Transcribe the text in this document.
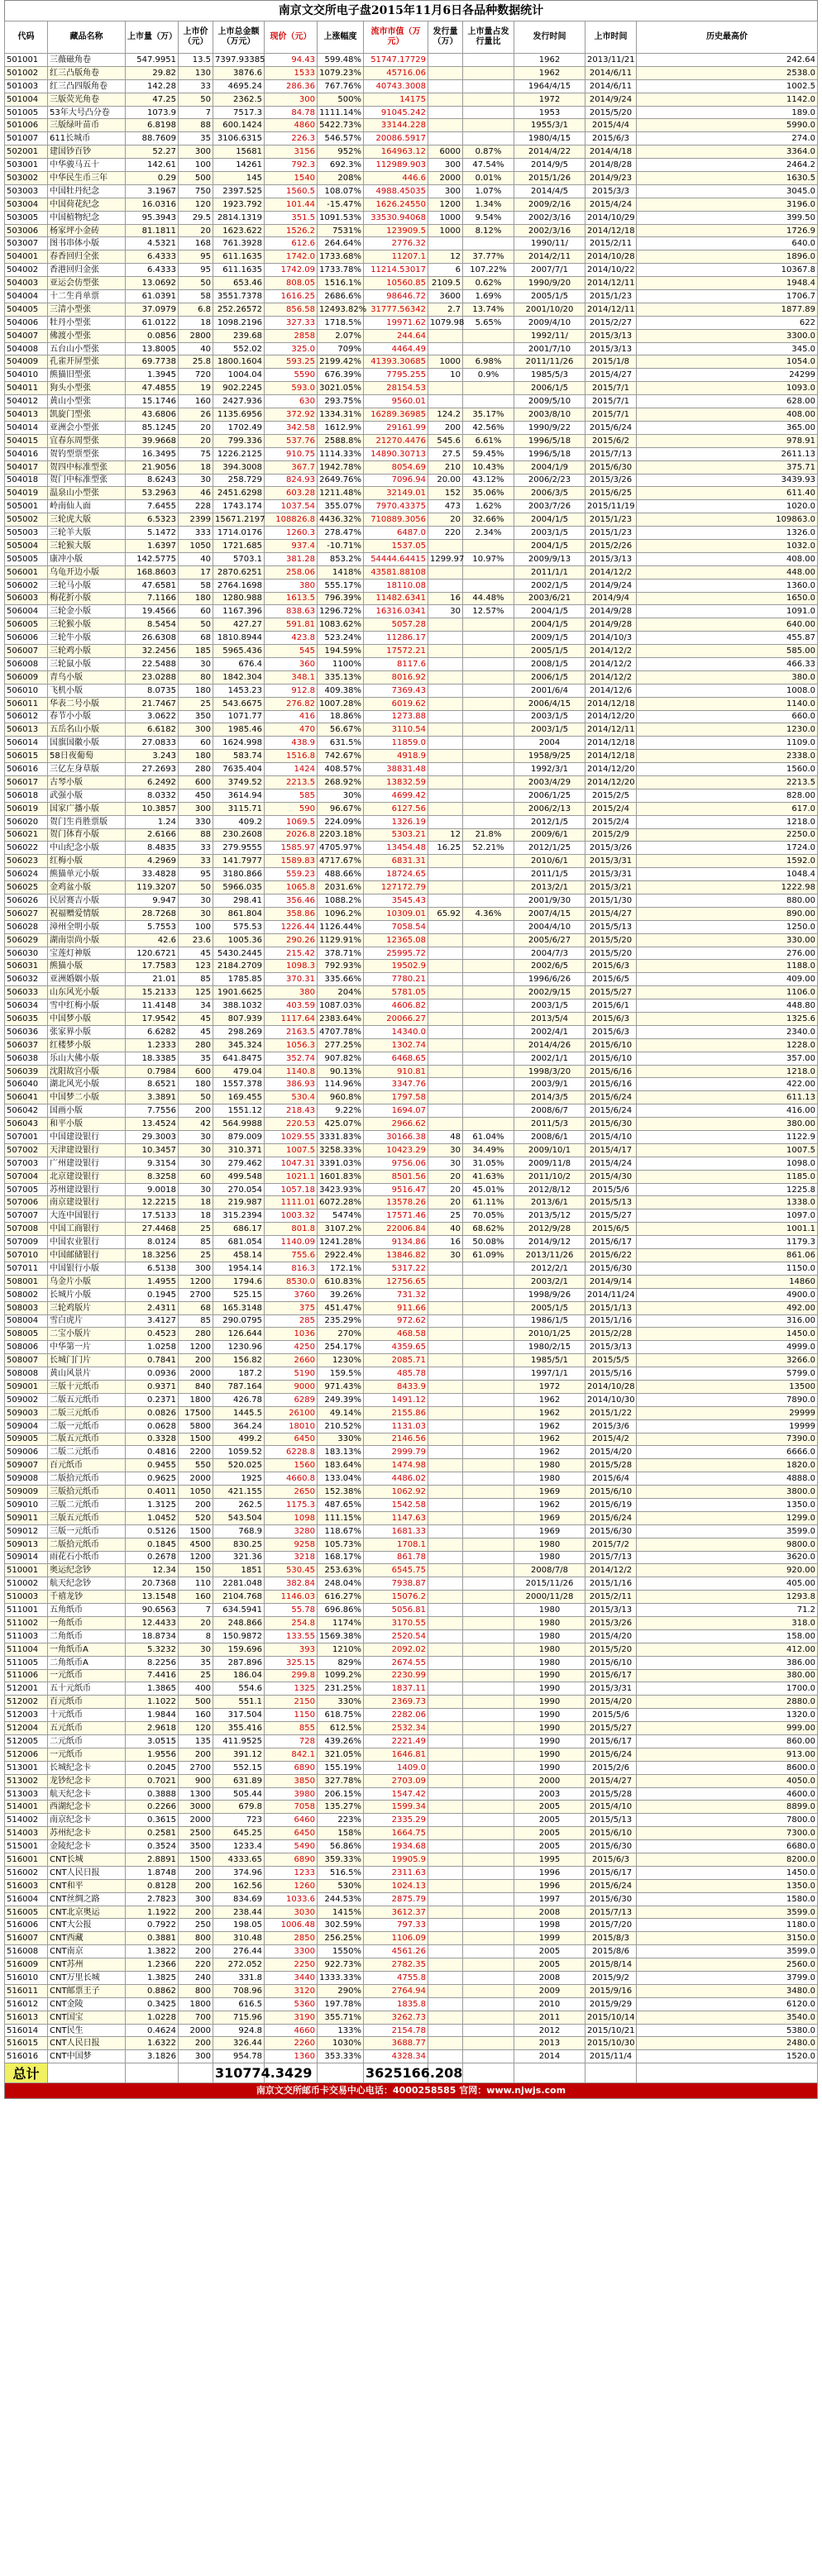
南京文交所电子盘2015年11月6日各品种数据统计
代码	藏品名称	上市量（万）	上市价（元）	上市总金额（万元）	现价（元）	上涨幅度	流市市值（万元）	发行量（万）	上市量占发行量比	发行时间	上市时间	历史最高价
501001	三薇磁角卷	547.9951	13.5	7397.93385	94.43	599.48%	51747.17729			1962	2013/11/21	242.64
501002	红三凸版角卷	29.82	130	3876.6	1533	1079.23%	45716.06			1962	2014/6/11	2538.0
501003	红三凸四版角卷	142.28	33	4695.24	286.36	767.76%	40743.3008			1964/4/15	2014/6/11	1002.5
501004	三版荧光角卷	47.25	50	2362.5	300	500%	14175			1972	2014/9/24	1142.0
501005	53年大号凸分卷	1073.9	7	7517.3	84.78	1111.14%	91045.242			1953	2015/5/20	189.0
501006	三版绿叶苗币	6.8198	88	600.1424	4860	5422.73%	33144.228			1955/3/1	2015/4/4	5990.0
501007	611长城币	88.7609	35	3106.6315	226.3	546.57%	20086.5917			1980/4/15	2015/6/3	274.0
502001	建国钞百钞	52.27	300	15681	3156	952%	164963.12	6000	0.87%	2014/4/22	2014/4/18	3364.0
503001	中华骏马五十	142.61	100	14261	792.3	692.3%	112989.903	300	47.54%	2014/9/5	2014/8/28	2464.2
503002	中华民生币三年	0.29	500	145	1540	208%	446.6	2000	0.01%	2015/1/26	2014/9/23	1630.5
503003	中国牡丹纪念	3.1967	750	2397.525	1560.5	108.07%	4988.45035	300	1.07%	2014/4/5	2015/3/3	3045.0
503004	中国荷花纪念	16.0316	120	1923.792	101.44	-15.47%	1626.24550	1200	1.34%	2009/2/16	2015/4/24	3196.0
503005	中国植物纪念	95.3943	29.5	2814.1319	351.5	1091.53%	33530.94068	1000	9.54%	2002/3/16	2014/10/29	399.50
503006	杨家坪小金砖	81.1811	20	1623.622	1526.2	7531%	123909.5	1000	8.12%	2002/3/16	2014/12/18	1726.9
503007	图书串体小版	4.5321	168	761.3928	612.6	264.64%	2776.32			1990/11/	2015/2/11	640.0
504001	春香回归全张	6.4333	95	611.1635	1742.0	1733.68%	11207.1	12	37.77%	2014/2/11	2014/10/28	1896.0
504002	香港回归金张	6.4333	95	611.1635	1742.09	1733.78%	11214.53017	6	107.22%	2007/7/1	2014/10/22	10367.8
504003	亚运会仿型张	13.0692	50	653.46	808.05	1516.1%	10560.85	2109.5	0.62%	1990/9/20	2014/12/11	1948.4
504004	十二生肖单票	61.0391	58	3551.7378	1616.25	2686.6%	98646.72	3600	1.69%	2005/1/5	2015/1/23	1706.7
504005	三清小型张	37.0979	6.8	252.26572	856.58	12493.82%	31777.56342	2.7	13.74%	2001/10/20	2014/12/11	1877.89
504006	牡丹小型张	61.0122	18	1098.2196	327.33	1718.5%	19971.62	1079.98	5.65%	2009/4/10	2015/2/27	622
504007	佛渡小型张	0.0856	2800	239.68	2858	2.07%	244.64			1992/11/	2015/3/13	3300.0
504008	五台山小型张	13.8005	40	552.02	325.0	709%	4464.49			2001/7/10	2015/3/13	345.0
504009	孔雀开屏型张	69.7738	25.8	1800.1604	593.25	2199.42%	41393.30685	1000	6.98%	2011/11/26	2015/1/8	1054.0
504010	熊猫旧型张	1.3945	720	1004.04	5590	676.39%	7795.255	10	0.9%	1985/5/3	2015/4/27	24299
504011	狗头小型张	47.4855	19	902.2245	593.0	3021.05%	28154.53			2006/1/5	2015/7/1	1093.0
504012	黄山小型张	15.1746	160	2427.936	630	293.75%	9560.01			2009/5/10	2015/7/1	628.00
504013	凯旋门型张	43.6806	26	1135.6956	372.92	1334.31%	16289.36985	124.2	35.17%	2003/8/10	2015/7/1	408.00
504014	亚洲会小型张	85.1245	20	1702.49	342.58	1612.9%	29161.99	200	42.56%	1990/9/22	2015/6/24	365.00
504015	宜春东周型张	39.9668	20	799.336	537.76	2588.8%	21270.4476	545.6	6.61%	1996/5/18	2015/6/2	978.91
504016	贺钓型票型张	16.3495	75	1226.2125	910.75	1114.33%	14890.30713	27.5	59.45%	1996/5/18	2015/7/13	2611.13
504017	贺四中标准型张	21.9056	18	394.3008	367.7	1942.78%	8054.69	210	10.43%	2004/1/9	2015/6/30	375.71
504018	贺门中标准型张	8.6243	30	258.729	824.93	2649.76%	7096.94	20.00	43.12%	2006/2/23	2015/3/26	3439.93
504019	温泉山小型张	53.2963	46	2451.6298	603.28	1211.48%	32149.01	152	35.06%	2006/3/5	2015/6/25	611.40
505001	岭南仙人面	7.6455	228	1743.174	1037.54	355.07%	7970.43375	473	1.62%	2003/7/26	2015/11/19	1020.0
505002	三轮虎大版	6.5323	2399	15671.2197	108826.8	4436.32%	710889.3056	20	32.66%	2004/1/5	2015/1/23	109863.0
505003	三轮羊大版	5.1472	333	1714.0176	1260.3	278.47%	6487.0	220	2.34%	2003/1/5	2015/1/23	1326.0
505004	三轮猴大版	1.6397	1050	1721.685	937.4	-10.71%	1537.05			2004/1/5	2015/2/26	1032.0
505005	康冲小版	142.5775	40	5703.1	381.28	853.2%	54444.64415	1299.97	10.97%	2009/9/13	2015/3/13	408.00
506001	乌龟开边小版	168.8603	17	2870.6251	258.06	1418%	43581.88108			2011/1/1	2014/12/2	448.00
506002	三轮马小版	47.6581	58	2764.1698	380	555.17%	18110.08			2002/1/5	2014/9/24	1360.0
506003	梅花折小版	7.1166	180	1280.988	1613.5	796.39%	11482.6341	16	44.48%	2003/6/21	2014/9/4	1650.0
506004	三轮金小版	19.4566	60	1167.396	838.63	1296.72%	16316.0341	30	12.57%	2004/1/5	2014/9/28	1091.0
506005	三轮猴小版	8.5454	50	427.27	591.81	1083.62%	5057.28			2004/1/5	2014/9/28	640.00
506006	三轮牛小版	26.6308	68	1810.8944	423.8	523.24%	11286.17			2009/1/5	2014/10/3	455.87
506007	三轮鸡小版	32.2456	185	5965.436	545	194.59%	17572.21			2005/1/5	2014/12/2	585.00
506008	三轮鼠小版	22.5488	30	676.4	360	1100%	8117.6			2008/1/5	2014/12/2	466.33
506009	青鸟小版	23.0288	80	1842.304	348.1	335.13%	8016.92			2006/1/5	2014/12/2	380.0
506010	飞机小版	8.0735	180	1453.23	912.8	409.38%	7369.43			2001/6/4	2014/12/6	1008.0
506011	华表二号小版	21.7467	25	543.6675	276.82	1007.28%	6019.62			2006/4/15	2014/12/18	1140.0
506012	春节小小版	3.0622	350	1071.77	416	18.86%	1273.88			2003/1/5	2014/12/20	660.0
506013	五岳名山小版	6.6182	300	1985.46	470	56.67%	3110.54			2003/1/5	2014/12/11	1230.0
506014	国旗国徽小版	27.0833	60	1624.998	438.9	631.5%	11859.0			2004	2014/12/18	1109.0
506015	58日夜葡萄	3.243	180	583.74	1516.8	742.67%	4918.9			1958/9/25	2014/12/18	2338.0
506016	三亿左身草版	27.2693	280	7635.404	1424	408.57%	38831.48			1992/3/1	2014/12/20	1560.0
506017	古琴小版	6.2492	600	3749.52	2213.5	268.92%	13832.59			2003/4/29	2014/12/20	2213.5
506018	武强小版	8.0332	450	3614.94	585	30%	4699.42			2006/1/25	2015/2/5	828.00
506019	国家广播小版	10.3857	300	3115.71	590	96.67%	6127.56			2006/2/13	2015/2/4	617.0
506020	贺门生肖胜票版	1.24	330	409.2	1069.5	224.09%	1326.19			2012/1/5	2015/2/4	1218.0
506021	贺门体育小版	2.6166	88	230.2608	2026.8	2203.18%	5303.21	12	21.8%	2009/6/1	2015/2/9	2250.0
506022	中山纪念小版	8.4835	33	279.9555	1585.97	4705.97%	13454.48	16.25	52.21%	2012/1/25	2015/3/26	1724.0
506023	红梅小版	4.2969	33	141.7977	1589.83	4717.67%	6831.31			2010/6/1	2015/3/31	1592.0
506024	熊猫单元小版	33.4828	95	3180.866	559.23	488.66%	18724.65			2011/1/5	2015/3/31	1048.4
506025	金鸡盆小版	119.3207	50	5966.035	1065.8	2031.6%	127172.79			2013/2/1	2015/3/21	1222.98
506026	民居赛吉小版	9.947	30	298.41	356.46	1088.2%	3545.43			2001/9/30	2015/1/30	880.00
506027	祝福赠爱情版	28.7268	30	861.804	358.86	1096.2%	10309.01	65.92	4.36%	2007/4/15	2015/4/27	890.00
506028	漳州全明小版	5.7553	100	575.53	1226.44	1126.44%	7058.54			2004/4/10	2015/5/13	1250.0
506029	湖南崇尚小版	42.6	23.6	1005.36	290.26	1129.91%	12365.08			2005/6/27	2015/5/20	330.00
506030	宝莲灯神版	120.6721	45	5430.2445	215.42	378.71%	25995.72			2004/7/3	2015/5/20	276.00
506031	熊猫小版	17.7583	123	2184.2709	1098.3	792.93%	19502.9			2002/6/5	2015/6/3	1188.0
506032	亚洲婚姻小版	21.01	85	1785.85	370.31	335.66%	7780.21			1996/6/26	2015/6/5	409.00
506033	山东风光小版	15.2133	125	1901.6625	380	204%	5781.05			2002/9/15	2015/5/27	1106.0
506034	雪中红梅小版	11.4148	34	388.1032	403.59	1087.03%	4606.82			2003/1/5	2015/6/1	448.80
506035	中国梦小版	17.9542	45	807.939	1117.64	2383.64%	20066.27			2013/5/4	2015/6/3	1325.6
506036	张家界小版	6.6282	45	298.269	2163.5	4707.78%	14340.0			2002/4/1	2015/6/3	2340.0
506037	红楼梦小版	1.2333	280	345.324	1056.3	277.25%	1302.74			2014/4/26	2015/6/10	1228.0
506038	乐山大佛小版	18.3385	35	641.8475	352.74	907.82%	6468.65			2002/1/1	2015/6/10	357.00
506039	沈阳故宫小版	0.7984	600	479.04	1140.8	90.13%	910.81			1998/3/20	2015/6/16	1218.0
506040	湖北风光小版	8.6521	180	1557.378	386.93	114.96%	3347.76			2003/9/1	2015/6/16	422.00
506041	中国梦二小版	3.3891	50	169.455	530.4	960.8%	1797.58			2014/3/5	2015/6/24	611.13
506042	国画小版	7.7556	200	1551.12	218.43	9.22%	1694.07			2008/6/7	2015/6/24	416.00
506043	和平小版	13.4524	42	564.9988	220.53	425.07%	2966.62			2011/5/3	2015/6/30	380.00
507001	中国建设银行	29.3003	30	879.009	1029.55	3331.83%	30166.38	48	61.04%	2008/6/1	2015/4/10	1122.9
507002	天津建设银行	10.3457	30	310.371	1007.5	3258.33%	10423.29	30	34.49%	2009/10/1	2015/4/17	1007.5
507003	广州建设银行	9.3154	30	279.462	1047.31	3391.03%	9756.06	30	31.05%	2009/11/8	2015/4/24	1098.0
507004	北京建设银行	8.3258	60	499.548	1021.1	1601.83%	8501.56	20	41.63%	2011/10/2	2015/4/30	1185.0
507005	苏州建设银行	9.0018	30	270.054	1057.18	3423.93%	9516.47	20	45.01%	2012/8/12	2015/5/6	1225.8
507006	南京建设银行	12.2215	18	219.987	1111.01	6072.28%	13578.26	20	61.11%	2013/6/1	2015/5/13	1338.0
507007	大连中国银行	17.5133	18	315.2394	1003.32	5474%	17571.46	25	70.05%	2013/5/12	2015/5/27	1097.0
507008	中国工商银行	27.4468	25	686.17	801.8	3107.2%	22006.84	40	68.62%	2012/9/28	2015/6/5	1001.1
507009	中国农业银行	8.0124	85	681.054	1140.09	1241.28%	9134.86	16	50.08%	2014/9/12	2015/6/17	1179.3
507010	中国邮储银行	18.3256	25	458.14	755.6	2922.4%	13846.82	30	61.09%	2013/11/26	2015/6/22	861.06
507011	中国银行小版	6.5138	300	1954.14	816.3	172.1%	5317.22			2012/2/1	2015/6/30	1150.0
508001	乌金片小版	1.4955	1200	1794.6	8530.0	610.83%	12756.65			2003/2/1	2014/9/14	14860
508002	长城片小版	0.1945	2700	525.15	3760	39.26%	731.32			1998/9/26	2014/11/24	4900.0
508003	三轮鸡版片	2.4311	68	165.3148	375	451.47%	911.66			2005/1/5	2015/1/13	492.00
508004	雪白虎片	3.4127	85	290.0795	285	235.29%	972.62			1986/1/5	2015/1/16	316.00
508005	二宝小版片	0.4523	280	126.644	1036	270%	468.58			2010/1/25	2015/2/28	1450.0
508006	中华第一片	1.0258	1200	1230.96	4250	254.17%	4359.65			1980/2/15	2015/3/13	4999.0
508007	长城门门片	0.7841	200	156.82	2660	1230%	2085.71			1985/5/1	2015/5/5	3266.0
508008	黄山风景片	0.0936	2000	187.2	5190	159.5%	485.78			1997/1/1	2015/5/16	5799.0
509001	三版十元纸币	0.9371	840	787.164	9000	971.43%	8433.9			1972	2014/10/28	13500
509002	二版五元纸币	0.2371	1800	426.78	6289	249.39%	1491.12			1962	2014/10/30	7890.0
509003	二版三元纸币	0.0826	17500	1445.5	26100	49.14%	2155.86			1962	2015/1/22	29999
509004	二版一元纸币	0.0628	5800	364.24	18010	210.52%	1131.03			1962	2015/3/6	19999
509005	二版五元纸币	0.3328	1500	499.2	6450	330%	2146.56			1962	2015/4/2	7390.0
509006	二版二元纸币	0.4816	2200	1059.52	6228.8	183.13%	2999.79			1962	2015/4/20	6666.0
509007	百元纸币	0.9455	550	520.025	1560	183.64%	1474.98			1980	2015/5/28	1820.0
509008	二版拾元纸币	0.9625	2000	1925	4660.8	133.04%	4486.02			1980	2015/6/4	4888.0
509009	三版拾元纸币	0.4011	1050	421.155	2650	152.38%	1062.92			1969	2015/6/10	3800.0
509010	三版二元纸币	1.3125	200	262.5	1175.3	487.65%	1542.58			1962	2015/6/19	1350.0
509011	三版五元纸币	1.0452	520	543.504	1098	111.15%	1147.63			1969	2015/6/24	1299.0
509012	三版一元纸币	0.5126	1500	768.9	3280	118.67%	1681.33			1969	2015/6/30	3599.0
509013	二版拾元纸币	0.1845	4500	830.25	9258	105.73%	1708.1			1980	2015/7/2	9800.0
509014	雨花石小纸币	0.2678	1200	321.36	3218	168.17%	861.78			1980	2015/7/13	3620.0
510001	奥运纪念钞	12.34	150	1851	530.45	253.63%	6545.75			2008/7/8	2014/12/2	920.00
510002	航天纪念钞	20.7368	110	2281.048	382.84	248.04%	7938.87			2015/11/26	2015/1/16	405.00
510003	千禧龙钞	13.1548	160	2104.768	1146.03	616.27%	15076.2			2000/11/28	2015/2/11	1293.8
511001	五角纸币	90.6563	7	634.5941	55.78	696.86%	5056.81			1980	2015/3/13	71.2
511002	一角纸币	12.4433	20	248.866	254.8	1174%	3170.55			1980	2015/3/26	318.0
511003	二角纸币	18.8734	8	150.9872	133.55	1569.38%	2520.54			1980	2015/4/20	158.00
511004	一角纸币A	5.3232	30	159.696	393	1210%	2092.02			1980	2015/5/20	412.00
511005	二角纸币A	8.2256	35	287.896	325.15	829%	2674.55			1980	2015/6/10	386.00
511006	一元纸币	7.4416	25	186.04	299.8	1099.2%	2230.99			1990	2015/6/17	380.00
512001	五十元纸币	1.3865	400	554.6	1325	231.25%	1837.11			1990	2015/3/31	1700.0
512002	百元纸币	1.1022	500	551.1	2150	330%	2369.73			1990	2015/4/20	2880.0
512003	十元纸币	1.9844	160	317.504	1150	618.75%	2282.06			1990	2015/5/6	1320.0
512004	五元纸币	2.9618	120	355.416	855	612.5%	2532.34			1990	2015/5/27	999.00
512005	二元纸币	3.0515	135	411.9525	728	439.26%	2221.49			1990	2015/6/17	860.00
512006	一元纸币	1.9556	200	391.12	842.1	321.05%	1646.81			1990	2015/6/24	913.00
513001	长城纪念卡	0.2045	2700	552.15	6890	155.19%	1409.0			1990	2015/2/6	8600.0
513002	龙钞纪念卡	0.7021	900	631.89	3850	327.78%	2703.09			2000	2015/4/27	4050.0
513003	航天纪念卡	0.3888	1300	505.44	3980	206.15%	1547.42			2003	2015/5/28	4600.0
514001	西湖纪念卡	0.2266	3000	679.8	7058	135.27%	1599.34			2005	2015/4/10	8899.0
514002	南京纪念卡	0.3615	2000	723	6460	223%	2335.29			2005	2015/5/13	7800.0
514003	苏州纪念卡	0.2581	2500	645.25	6450	158%	1664.75			2005	2015/6/10	7300.0
515001	金陵纪念卡	0.3524	3500	1233.4	5490	56.86%	1934.68			2005	2015/6/30	6680.0
516001	CNT长城	2.8891	1500	4333.65	6890	359.33%	19905.9			1995	2015/6/3	8200.0
516002	CNT人民日报	1.8748	200	374.96	1233	516.5%	2311.63			1996	2015/6/17	1450.0
516003	CNT和平	0.8128	200	162.56	1260	530%	1024.13			1996	2015/6/24	1350.0
516004	CNT丝绸之路	2.7823	300	834.69	1033.6	244.53%	2875.79			1997	2015/6/30	1580.0
516005	CNT北京奥运	1.1922	200	238.44	3030	1415%	3612.37			2008	2015/7/13	3599.0
516006	CNT大公报	0.7922	250	198.05	1006.48	302.59%	797.33			1998	2015/7/20	1180.0
516007	CNT西藏	0.3881	800	310.48	2850	256.25%	1106.09			1999	2015/8/3	3150.0
516008	CNT南京	1.3822	200	276.44	3300	1550%	4561.26			2005	2015/8/6	3599.0
516009	CNT苏州	1.2366	220	272.052	2250	922.73%	2782.35			2005	2015/8/14	2560.0
516010	CNT万里长城	1.3825	240	331.8	3440	1333.33%	4755.8			2008	2015/9/2	3799.0
516011	CNT邮票王子	0.8862	800	708.96	3120	290%	2764.94			2009	2015/9/16	3480.0
516012	CNT金陵	0.3425	1800	616.5	5360	197.78%	1835.8			2010	2015/9/29	6120.0
516013	CNT国宝	1.0228	700	715.96	3190	355.71%	3262.73			2011	2015/10/14	3540.0
516014	CNT民生	0.4624	2000	924.8	4660	133%	2154.78			2012	2015/10/21	5380.0
516015	CNT人民日报	1.6322	200	326.44	2260	1030%	3688.77			2013	2015/10/30	2480.0
516016	CNT中国梦	3.1826	300	954.78	1360	353.33%	4328.34			2014	2015/11/4	1520.0
总计				310774.3429			3625166.208					
南京文交所邮币卡交易中心电话：4000258585 官网：www.njwjs.com
